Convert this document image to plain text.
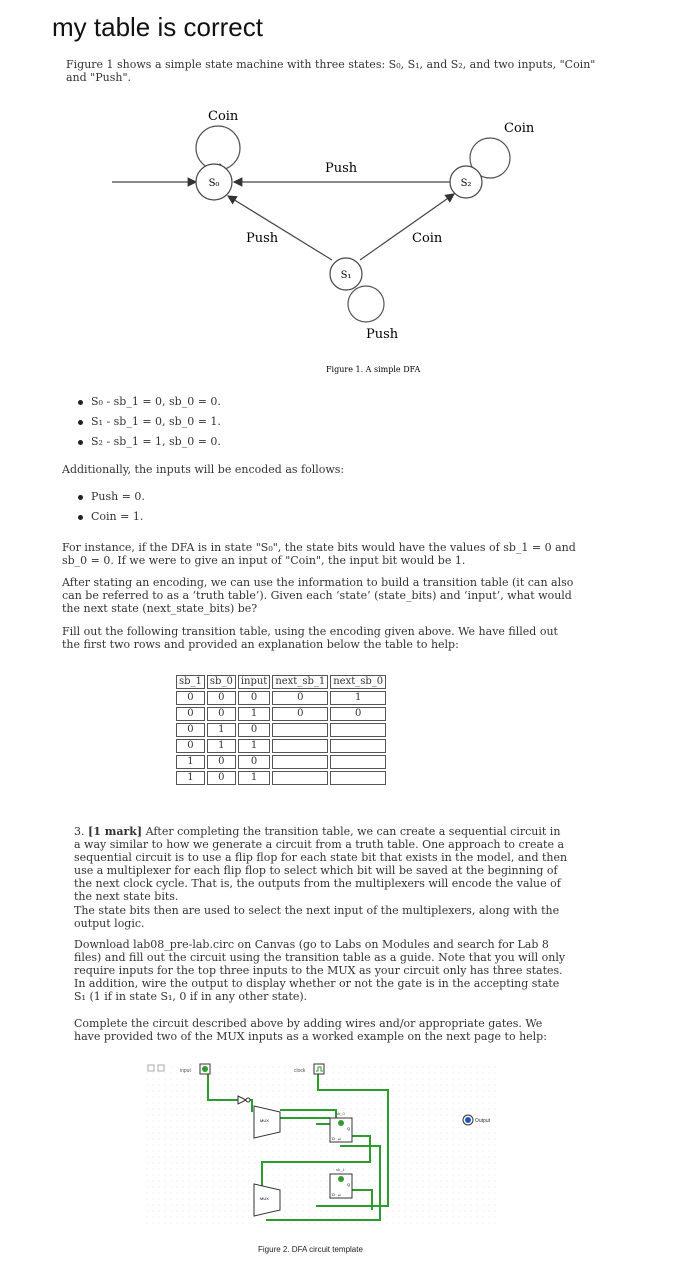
my table is correct
Figure 1 shows a simple state machine with three states: S₀, S₁, and S₂, and two inputs, "Coin" and "Push".
S₀	S₂
S₁
Coin
Coin
Push
Push	Coin
Push
Figure 1. A simple DFA
S₀ - sb_1 = 0, sb_0 = 0.
S₁ - sb_1 = 0, sb_0 = 1.
S₂ - sb_1 = 1, sb_0 = 0.
Additionally, the inputs will be encoded as follows:
Push = 0.
Coin = 1.
For instance, if the DFA is in state "S₀", the state bits would have the values of sb_1 = 0 and sb_0 = 0. If we were to give an input of "Coin", the input bit would be 1.
After stating an encoding, we can use the information to build a transition table (it can also can be referred to as a ‘truth table’). Given each ‘state’ (state_bits) and ‘input’, what would the next state (next_state_bits) be?
Fill out the following transition table, using the encoding given above. We have filled out the first two rows and provided an explanation below the table to help:
sb_1	sb_0	input	next_sb_1	next_sb_0
0	0	0	0	1
0	0	1	0	0
0	1	0		
0	1	1		
1	0	0		
1	0	1		
3. [1 mark] After completing the transition table, we can create a sequential circuit in a way similar to how we generate a circuit from a truth table. One approach to create a sequential circuit is to use a flip flop for each state bit that exists in the model, and then use a multiplexer for each flip flop to select which bit will be saved at the beginning of the next clock cycle. That is, the outputs from the multiplexers will encode the value of the next state bits.
The state bits then are used to select the next input of the multiplexers, along with the output logic.
Download lab08_pre-lab.circ on Canvas (go to Labs on Modules and search for Lab 8 files) and fill out the circuit using the transition table as a guide. Note that you will only require inputs for the top three inputs to the MUX as your circuit only has three states. In addition, wire the output to display whether or not the gate is in the accepting state S₁ (1 if in state S₁, 0 if in any other state).
Complete the circuit described above by adding wires and/or appropriate gates. We have provided two of the MUX inputs as a worked example on the next page to help:
input	clock
MUX
MUX
D
Q
en
sb_0
D
Q
en
sb_1
Output
Figure 2. DFA circuit template
